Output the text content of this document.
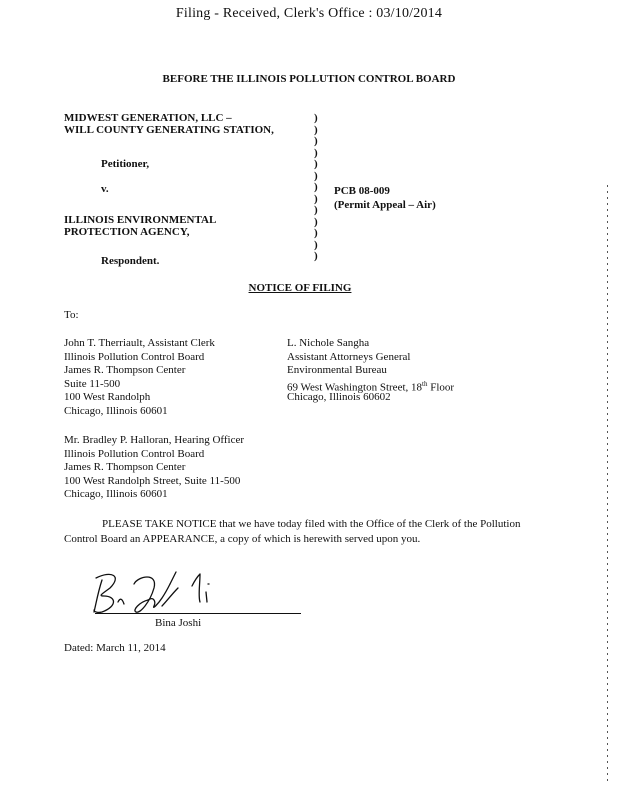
Filing - Received, Clerk's Office : 03/10/2014
BEFORE THE ILLINOIS POLLUTION CONTROL BOARD
MIDWEST GENERATION, LLC –
WILL COUNTY GENERATING STATION,
Petitioner,
v.
ILLINOIS ENVIRONMENTAL
PROTECTION AGENCY,
Respondent.
)
)
)
)
)
)
)
)
)
)
)
)
)
PCB 08-009
(Permit Appeal – Air)
NOTICE OF FILING
To:
John T. Therriault, Assistant Clerk
Illinois Pollution Control Board
James R. Thompson Center
Suite 11-500
100 West Randolph
Chicago, Illinois 60601
L. Nichole Sangha
Assistant Attorneys General
Environmental Bureau
69 West Washington Street, 18th Floor
Chicago, Illinois 60602
Mr. Bradley P. Halloran, Hearing Officer
Illinois Pollution Control Board
James R. Thompson Center
100 West Randolph Street, Suite 11-500
Chicago, Illinois 60601
PLEASE TAKE NOTICE that we have today filed with the Office of the Clerk of the Pollution Control Board an APPEARANCE, a copy of which is herewith served upon you.
Bina Joshi
Dated: March 11, 2014
